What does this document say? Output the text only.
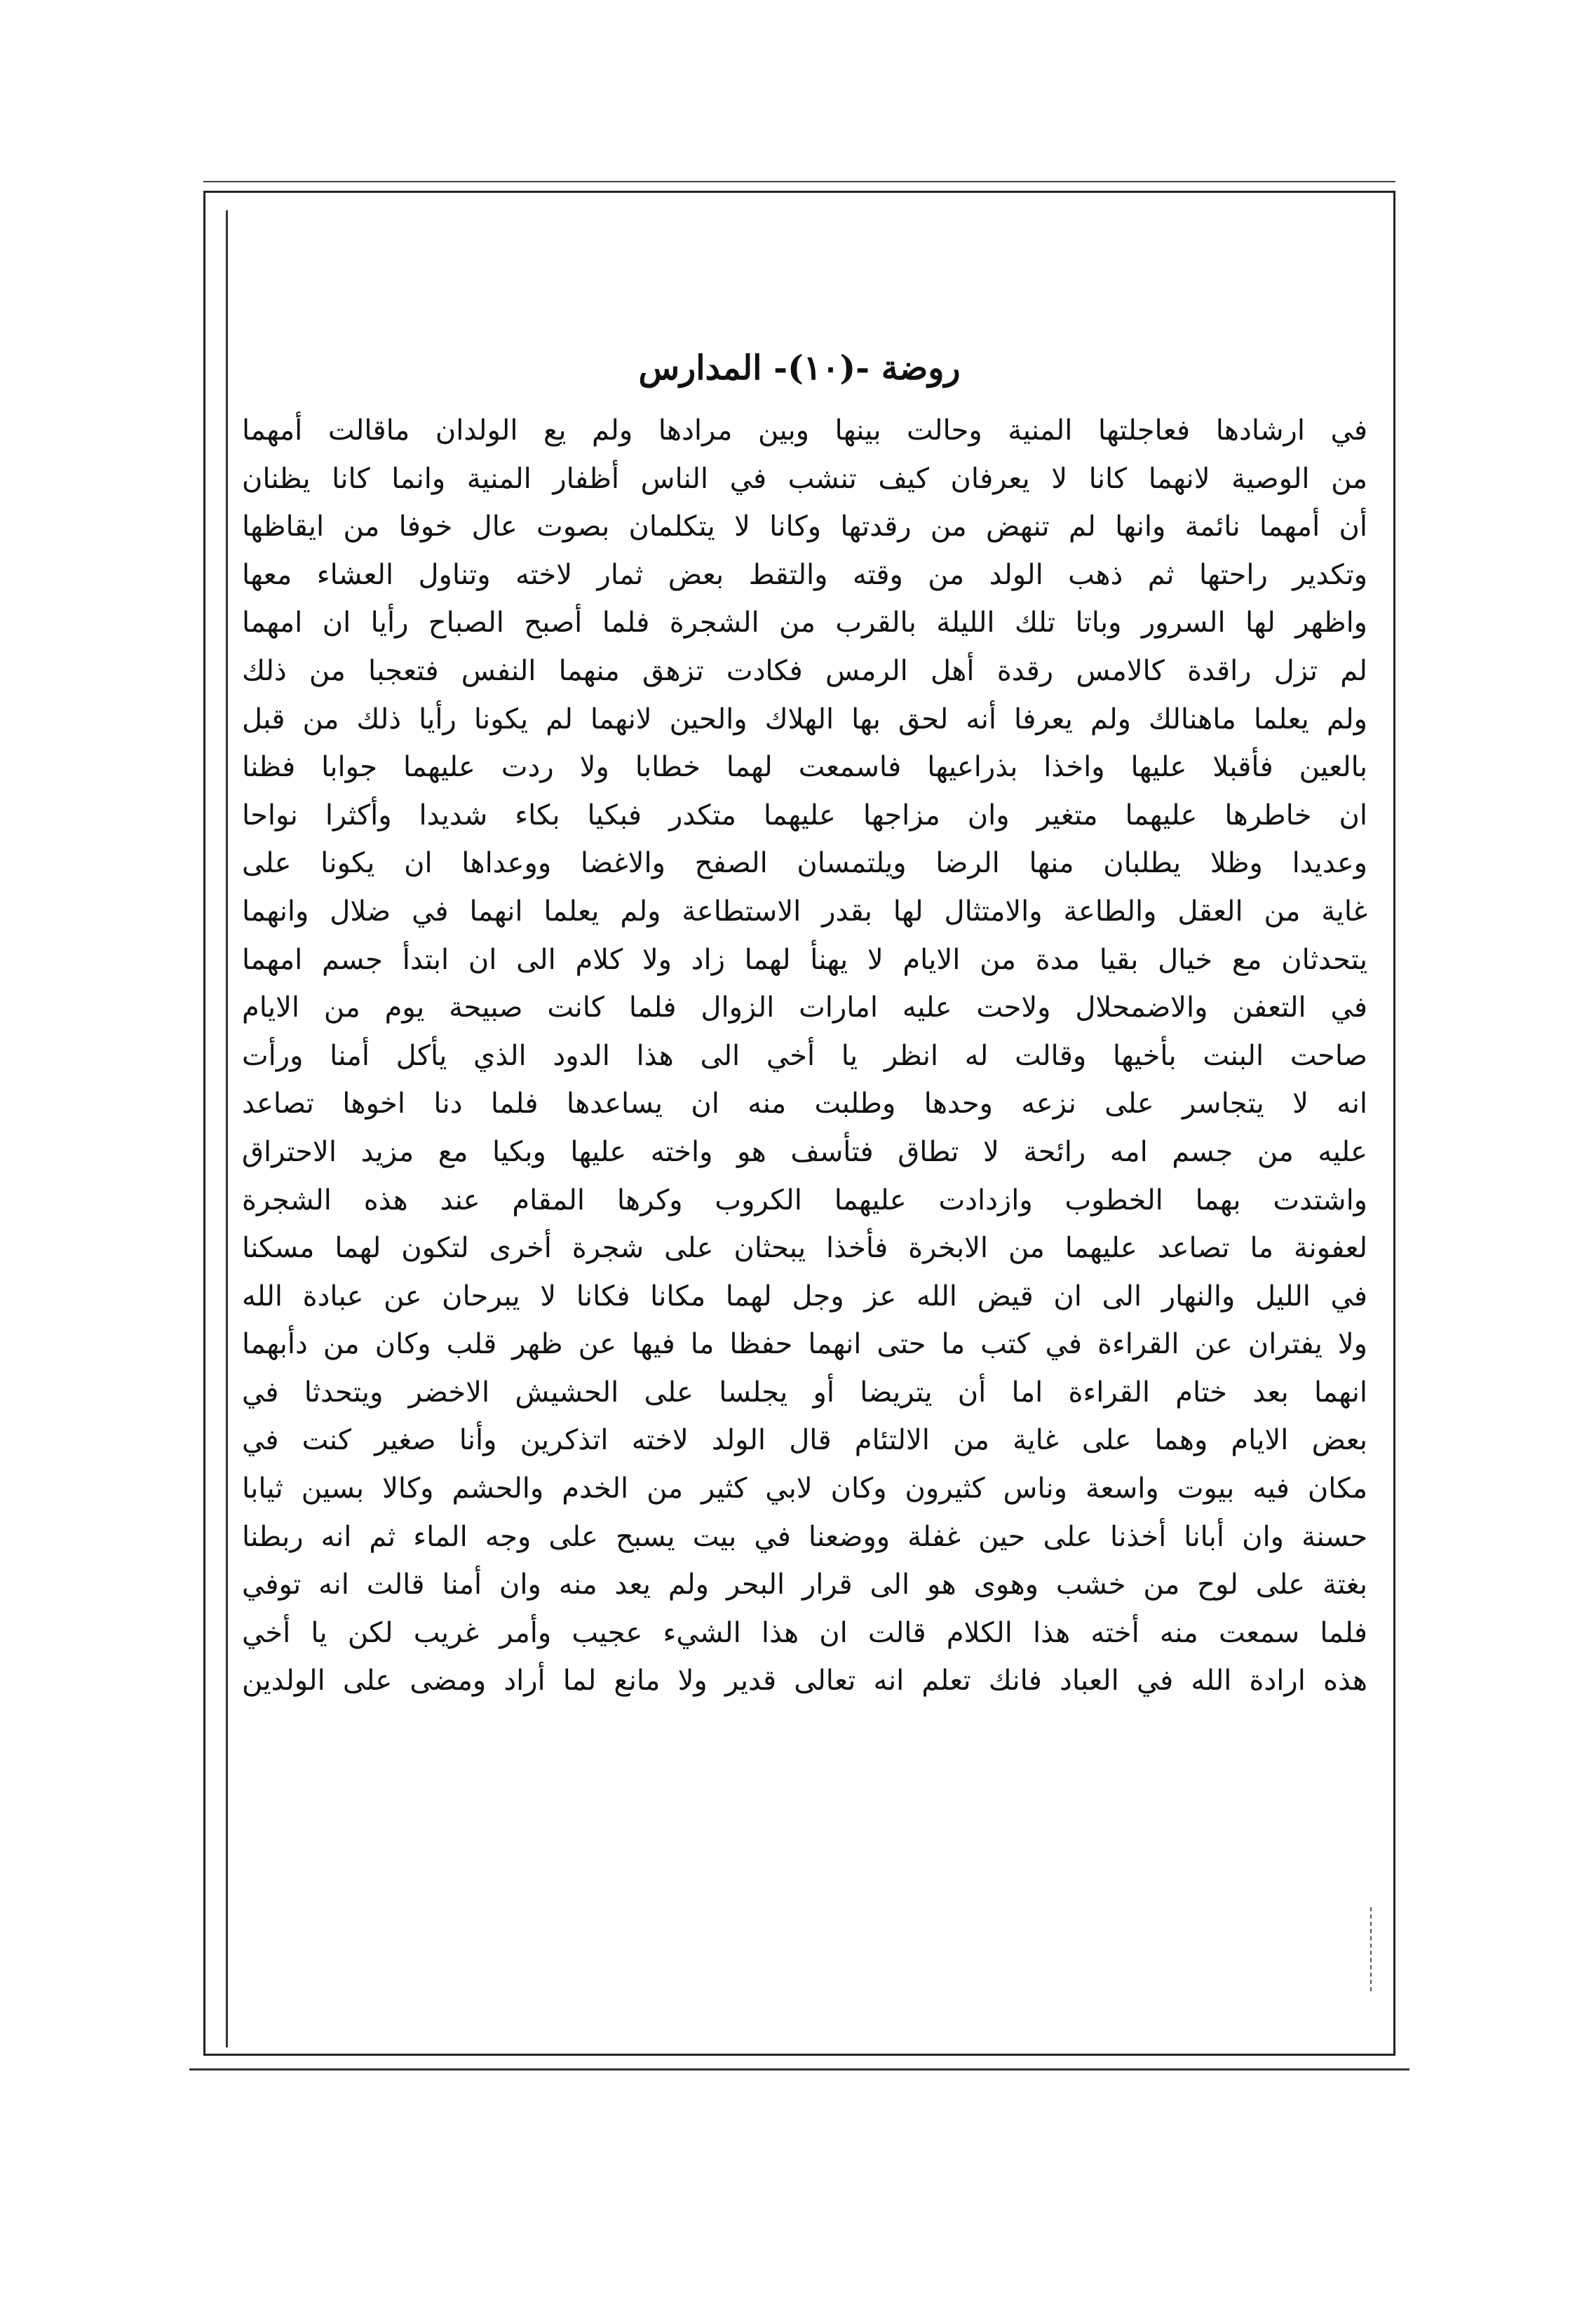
روضة -(١٠)- المدارس
في ارشادها فعاجلتها المنية وحالت بينها وبين مرادها ولم يع الولدان ماقالت أمهما
من الوصية لانهما كانا لا يعرفان كيف تنشب في الناس أظفار المنية وانما كانا يظنان
أن أمهما نائمة وانها لم تنهض من رقدتها وكانا لا يتكلمان بصوت عال خوفا من ايقاظها
وتكدير راحتها ثم ذهب الولد من وقته والتقط بعض ثمار لاخته وتناول العشاء معها
واظهر لها السرور وباتا تلك الليلة بالقرب من الشجرة فلما أصبح الصباح رأيا ان امهما
لم تزل راقدة كالامس رقدة أهل الرمس فكادت تزهق منهما النفس فتعجبا من ذلك
ولم يعلما ماهنالك ولم يعرفا أنه لحق بها الهلاك والحين لانهما لم يكونا رأيا ذلك من قبل
بالعين فأقبلا عليها واخذا بذراعيها فاسمعت لهما خطابا ولا ردت عليهما جوابا فظنا
ان خاطرها عليهما متغير وان مزاجها عليهما متكدر فبكيا بكاء شديدا وأكثرا نواحا
وعديدا وظلا يطلبان منها الرضا ويلتمسان الصفح والاغضا ووعداها ان يكونا على
غاية من العقل والطاعة والامتثال لها بقدر الاستطاعة ولم يعلما انهما في ضلال وانهما
يتحدثان مع خيال بقيا مدة من الايام لا يهنأ لهما زاد ولا كلام الى ان ابتدأ جسم امهما
في التعفن والاضمحلال ولاحت عليه امارات الزوال فلما كانت صبيحة يوم من الايام
صاحت البنت بأخيها وقالت له انظر يا أخي الى هذا الدود الذي يأكل أمنا ورأت
انه لا يتجاسر على نزعه وحدها وطلبت منه ان يساعدها فلما دنا اخوها تصاعد
عليه من جسم امه رائحة لا تطاق فتأسف هو واخته عليها وبكيا مع مزيد الاحتراق
واشتدت بهما الخطوب وازدادت عليهما الكروب وكرها المقام عند هذه الشجرة
لعفونة ما تصاعد عليهما من الابخرة فأخذا يبحثان على شجرة أخرى لتكون لهما مسكنا
في الليل والنهار الى ان قيض الله عز وجل لهما مكانا فكانا لا يبرحان عن عبادة الله
ولا يفتران عن القراءة في كتب ما حتى انهما حفظا ما فيها عن ظهر قلب وكان من دأبهما
انهما بعد ختام القراءة اما أن يتريضا أو يجلسا على الحشيش الاخضر ويتحدثا في
بعض الايام وهما على غاية من الالتئام قال الولد لاخته اتذكرين وأنا صغير كنت في
مكان فيه بيوت واسعة وناس كثيرون وكان لابي كثير من الخدم والحشم وكالا بسين ثيابا
حسنة وان أبانا أخذنا على حين غفلة ووضعنا في بيت يسبح على وجه الماء ثم انه ربطنا
بغتة على لوح من خشب وهوى هو الى قرار البحر ولم يعد منه وان أمنا قالت انه توفي
فلما سمعت منه أخته هذا الكلام قالت ان هذا الشيء عجيب وأمر غريب لكن يا أخي
هذه ارادة الله في العباد فانك تعلم انه تعالى قدير ولا مانع لما أراد ومضى على الولدين
